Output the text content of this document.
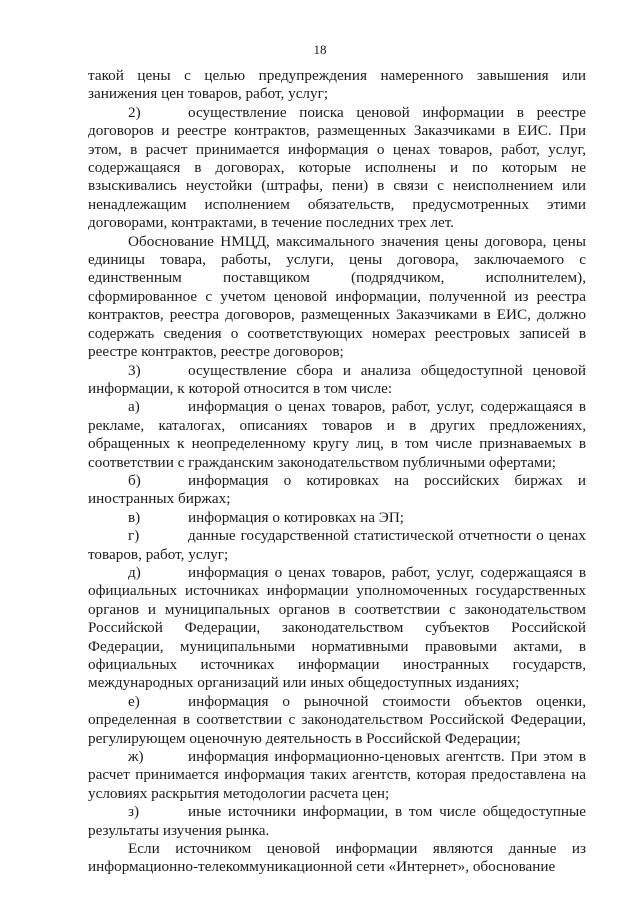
18

такой цены с целью предупреждения намеренного завышения или занижения цен товаров, работ, услуг;

2)	осуществление поиска ценовой информации в реестре договоров и реестре контрактов, размещенных Заказчиками в ЕИС. При этом, в расчет принимается информация о ценах товаров, работ, услуг, содержащаяся в договорах, которые исполнены и по которым не взыскивались неустойки (штрафы, пени) в связи с неисполнением или ненадлежащим исполнением обязательств, предусмотренных этими договорами, контрактами, в течение последних трех лет.

Обоснование НМЦД, максимального значения цены договора, цены единицы товара, работы, услуги, цены договора, заключаемого с единственным поставщиком (подрядчиком, исполнителем), сформированное с учетом ценовой информации, полученной из реестра контрактов, реестра договоров, размещенных Заказчиками в ЕИС, должно содержать сведения о соответствующих номерах реестровых записей в реестре контрактов, реестре договоров;

3)	осуществление сбора и анализа общедоступной ценовой информации, к которой относится в том числе:

а)	информация о ценах товаров, работ, услуг, содержащаяся в рекламе, каталогах, описаниях товаров и в других предложениях, обращенных к неопределенному кругу лиц, в том числе признаваемых в соответствии с гражданским законодательством публичными офертами;

б)	информация о котировках на российских биржах и иностранных биржах;

в)	информация о котировках на ЭП;

г)	данные государственной статистической отчетности о ценах товаров, работ, услуг;

д)	информация о ценах товаров, работ, услуг, содержащаяся в официальных источниках информации уполномоченных государственных органов и муниципальных органов в соответствии с законодательством Российской Федерации, законодательством субъектов Российской Федерации, муниципальными нормативными правовыми актами, в официальных источниках информации иностранных государств, международных организаций или иных общедоступных изданиях;

е)	информация о рыночной стоимости объектов оценки, определенная в соответствии с законодательством Российской Федерации, регулирующем оценочную деятельность в Российской Федерации;

ж)	информация информационно-ценовых агентств. При этом в расчет принимается информация таких агентств, которая предоставлена на условиях раскрытия методологии расчета цен;

з)	иные источники информации, в том числе общедоступные результаты изучения рынка.

Если источником ценовой информации являются данные из информационно-телекоммуникационной сети «Интернет», обоснование
